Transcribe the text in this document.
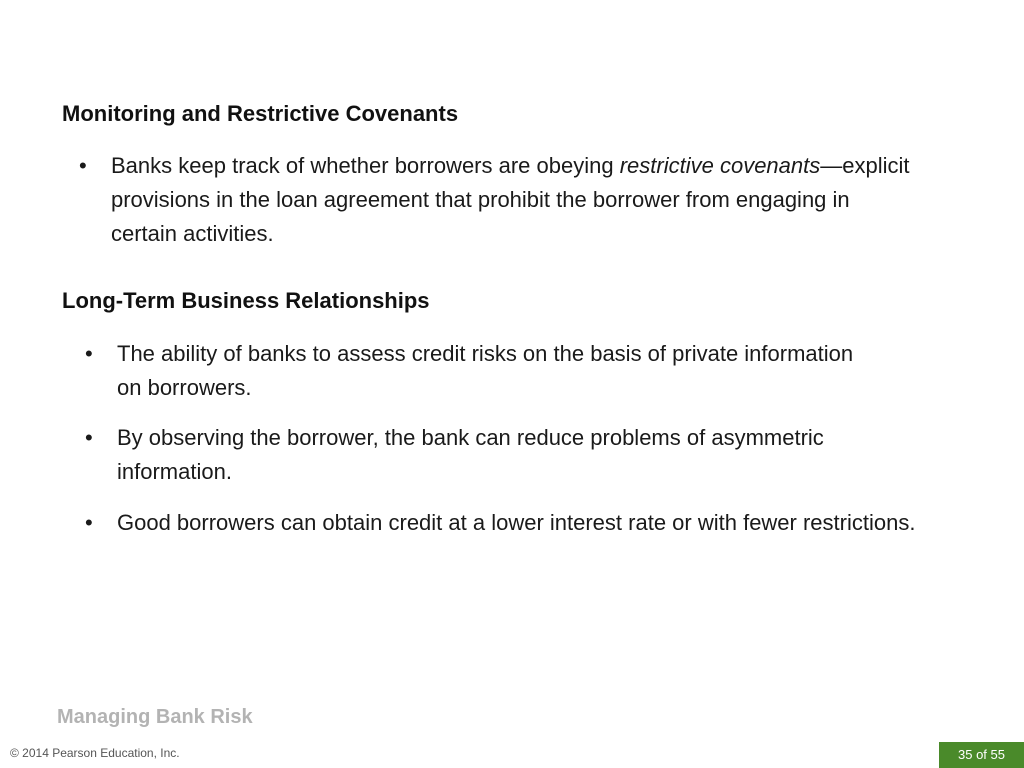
Monitoring and Restrictive Covenants

• Banks keep track of whether borrowers are obeying restrictive covenants—explicit provisions in the loan agreement that prohibit the borrower from engaging in certain activities.

Long-Term Business Relationships

• The ability of banks to assess credit risks on the basis of private information on borrowers.

• By observing the borrower, the bank can reduce problems of asymmetric information.

• Good borrowers can obtain credit at a lower interest rate or with fewer restrictions.

Managing Bank Risk
© 2014 Pearson Education, Inc.	35 of 55
